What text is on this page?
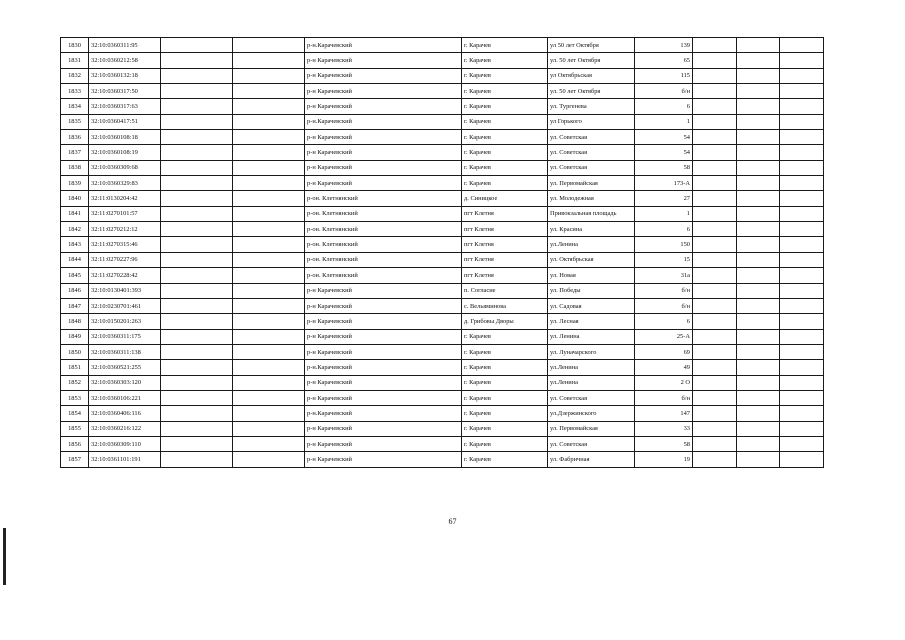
1830	32:10:0360311:95			р-н.Карачевский	г. Карачев	ул 50 лет Октября	139			
1831	32:10:0360212:58			р-н Карачевский	г. Карачев	ул. 50 лет Октября	65			
1832	32:10:0360132:18			р-н Карачевский	г. Карачев	ул Октябрьская	115			
1833	32:10:0360317:50			р-н Карачевский	г. Карачев	ул. 50 лет Октября	б/н			
1834	32:10:0360317:63			р-н Карачевский	г. Карачев	ул. Тургенева	6			
1835	32:10:0360417:51			р-н.Карачевский	г. Карачев	ул Горького	1			
1836	32:10:0360108:18			р-н Карачевский	г. Карачев	ул. Советская	54			
1837	32:10:0360108:19			р-н Карачевский	г. Карачев	ул. Советская	54			
1838	32:10:0360309:68			р-н Карачевский	г. Карачев	ул. Советская	58			
1839	32:10:0360329:83			р-н Карачевский	г. Карачев	ул. Первомайская	173-А			
1840	32:11:0130204:42			р-он. Клетнянский	д. Синицкое	ул. Молодежная	27			
1841	32:11:0270101:57			р-он. Клетнянский	пгт Клетня	Привокзальная площадь	1			
1842	32:11:0270212:12			р-он. Клетнянский	пгт Клетня	ул. Красина	6			
1843	32:11:0270315:46			р-он. Клетнянский	пгт Клетня	ул.Ленина	150			
1844	32:11:0270227:96			р-он. Клетнянский	пгт Клетня	ул. Октябрьская	15			
1845	32:11:0270228:42			р-он. Клетнянский	пгт Клетня	ул. Новая	31а			
1846	32:10:0130401:393			р-н Карачевский	п. Согласие	ул. Победы	б/н			
1847	32:10:0230701:461			р-н Карачевский	с. Вельяминова	ул. Садовая	б/н			
1848	32:10:0150201:263			р-н Карачевский	д. Грибовы Дворы	ул. Лесная	6			
1849	32:10:0360311:175			р-н Карачевский	г. Карачев	ул. Ленина	25-А			
1850	32:10:0360311:138			р-н Карачевский	г. Карачев	ул. Луначарского	69			
1851	32:10:0360521:255			р-н.Карачевский	г. Карачев	ул.Ленина	49			
1852	32:10:0360303:120			р-н Карачевский	г. Карачев	ул.Ленина	2 О			
1853	32:10:0360106:221			р-н Карачевский	г. Карачев	ул. Советская	б/н			
1854	32:10:0360406:116			р-н.Карачевский	г. Карачев	ул.Дзержинского	147			
1855	32:10:0360216:122			р-н Карачевский	г. Карачев	ул. Первомайская	33			
1856	32:10:0360309:110			р-н Карачевский	г. Карачев	ул. Советская	58			
1857	32:10:0361101:191			р-н Карачевский	г. Карачев	ул. Фабричная	19			
67
